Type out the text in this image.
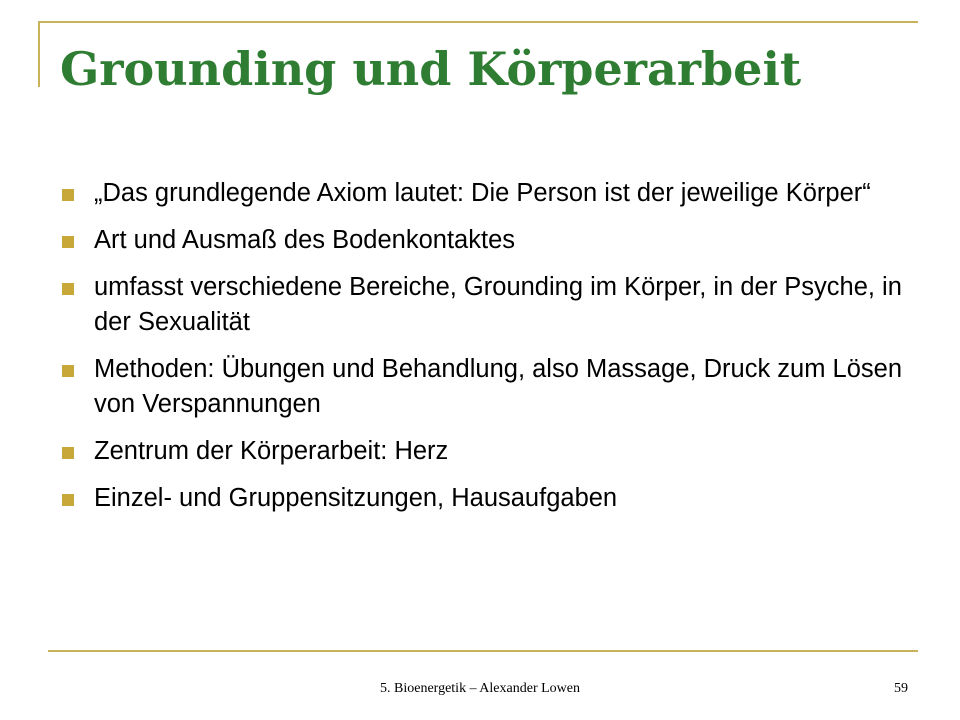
Grounding und Körperarbeit
„Das grundlegende Axiom lautet: Die Person ist der jeweilige Körper“
Art und Ausmaß des Bodenkontaktes
umfasst verschiedene Bereiche, Grounding im Körper, in der Psyche, in der Sexualität
Methoden: Übungen und Behandlung, also Massage, Druck zum Lösen von Verspannungen
Zentrum der Körperarbeit: Herz
Einzel- und Gruppensitzungen, Hausaufgaben
5. Bioenergetik – Alexander Lowen	59
